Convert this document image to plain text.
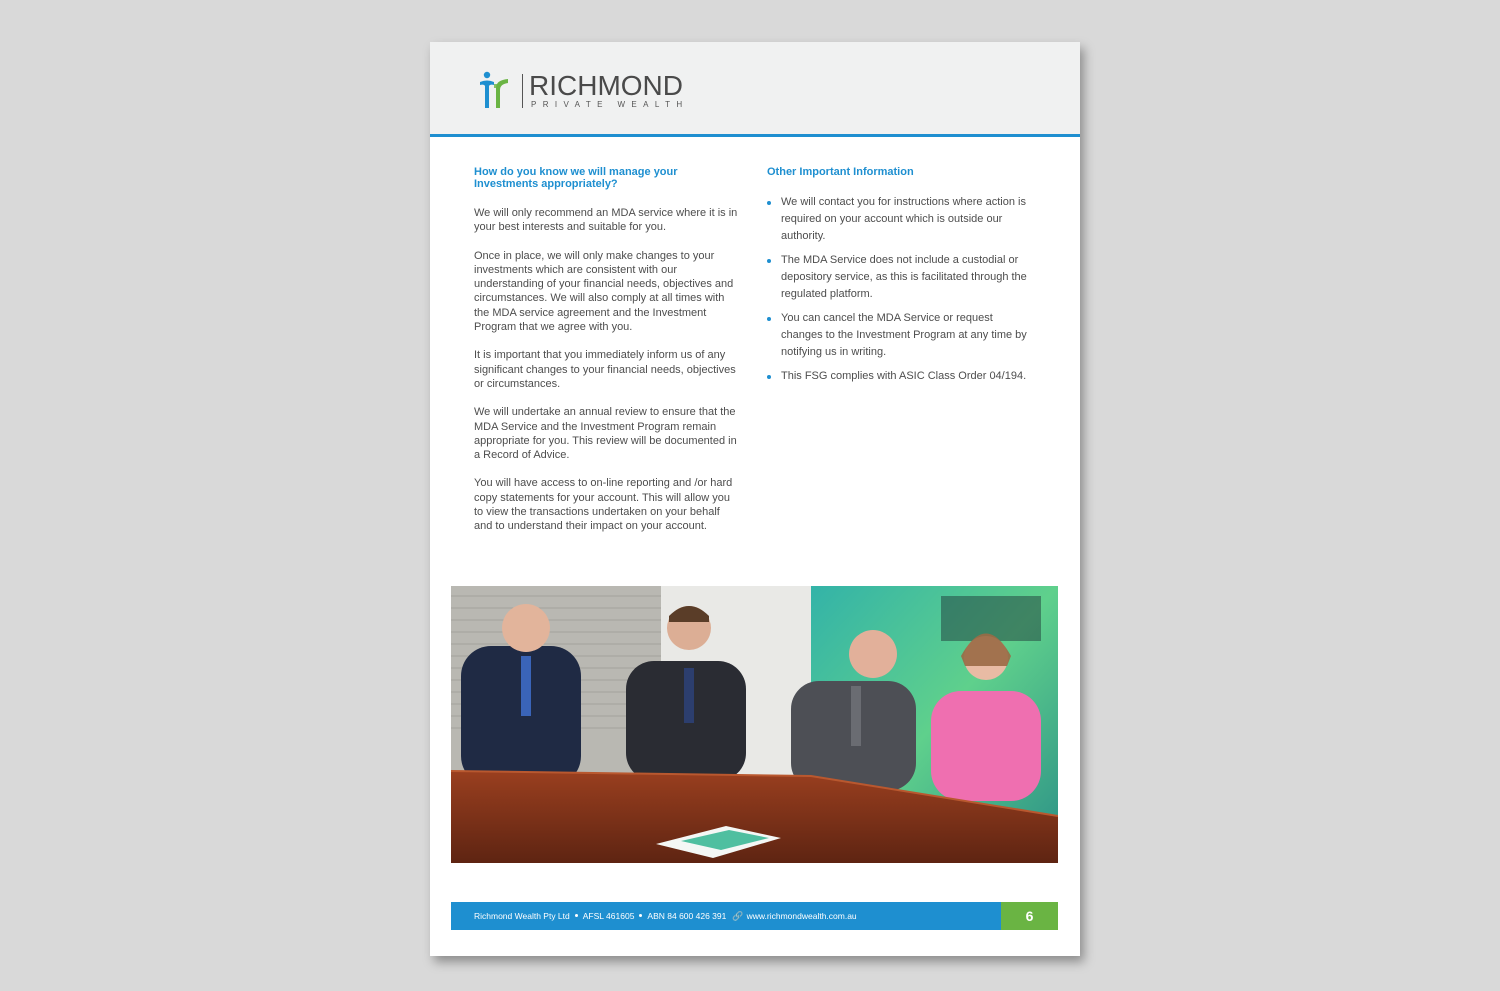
RICHMOND
PRIVATE WEALTH
How do you know we will manage your Investments appropriately?

We will only recommend an MDA service where it is in your best interests and suitable for you.

Once in place, we will only make changes to your investments which are consistent with our understanding of your financial needs, objectives and circumstances. We will also comply at all times with the MDA service agreement and the Investment Program that we agree with you.

It is important that you immediately inform us of any significant changes to your financial needs, objectives or circumstances.

We will undertake an annual review to ensure that the MDA Service and the Investment Program remain appropriate for you. This review will be documented in a Record of Advice.

You will have access to on-line reporting and /or hard copy statements for your account. This will allow you to view the transactions undertaken on your behalf and to understand their impact on your account.

Other Important Information
We will contact you for instructions where action is required on your account which is outside our authority.
The MDA Service does not include a custodial or depository service, as this is facilitated through the regulated platform.
You can cancel the MDA Service or request changes to the Investment Program at any time by notifying us in writing.
This FSG complies with ASIC Class Order 04/194.
Richmond Wealth Pty Ltd AFSL 461605 ABN 84 600 426 391 🔗 www.richmondwealth.com.au	6
